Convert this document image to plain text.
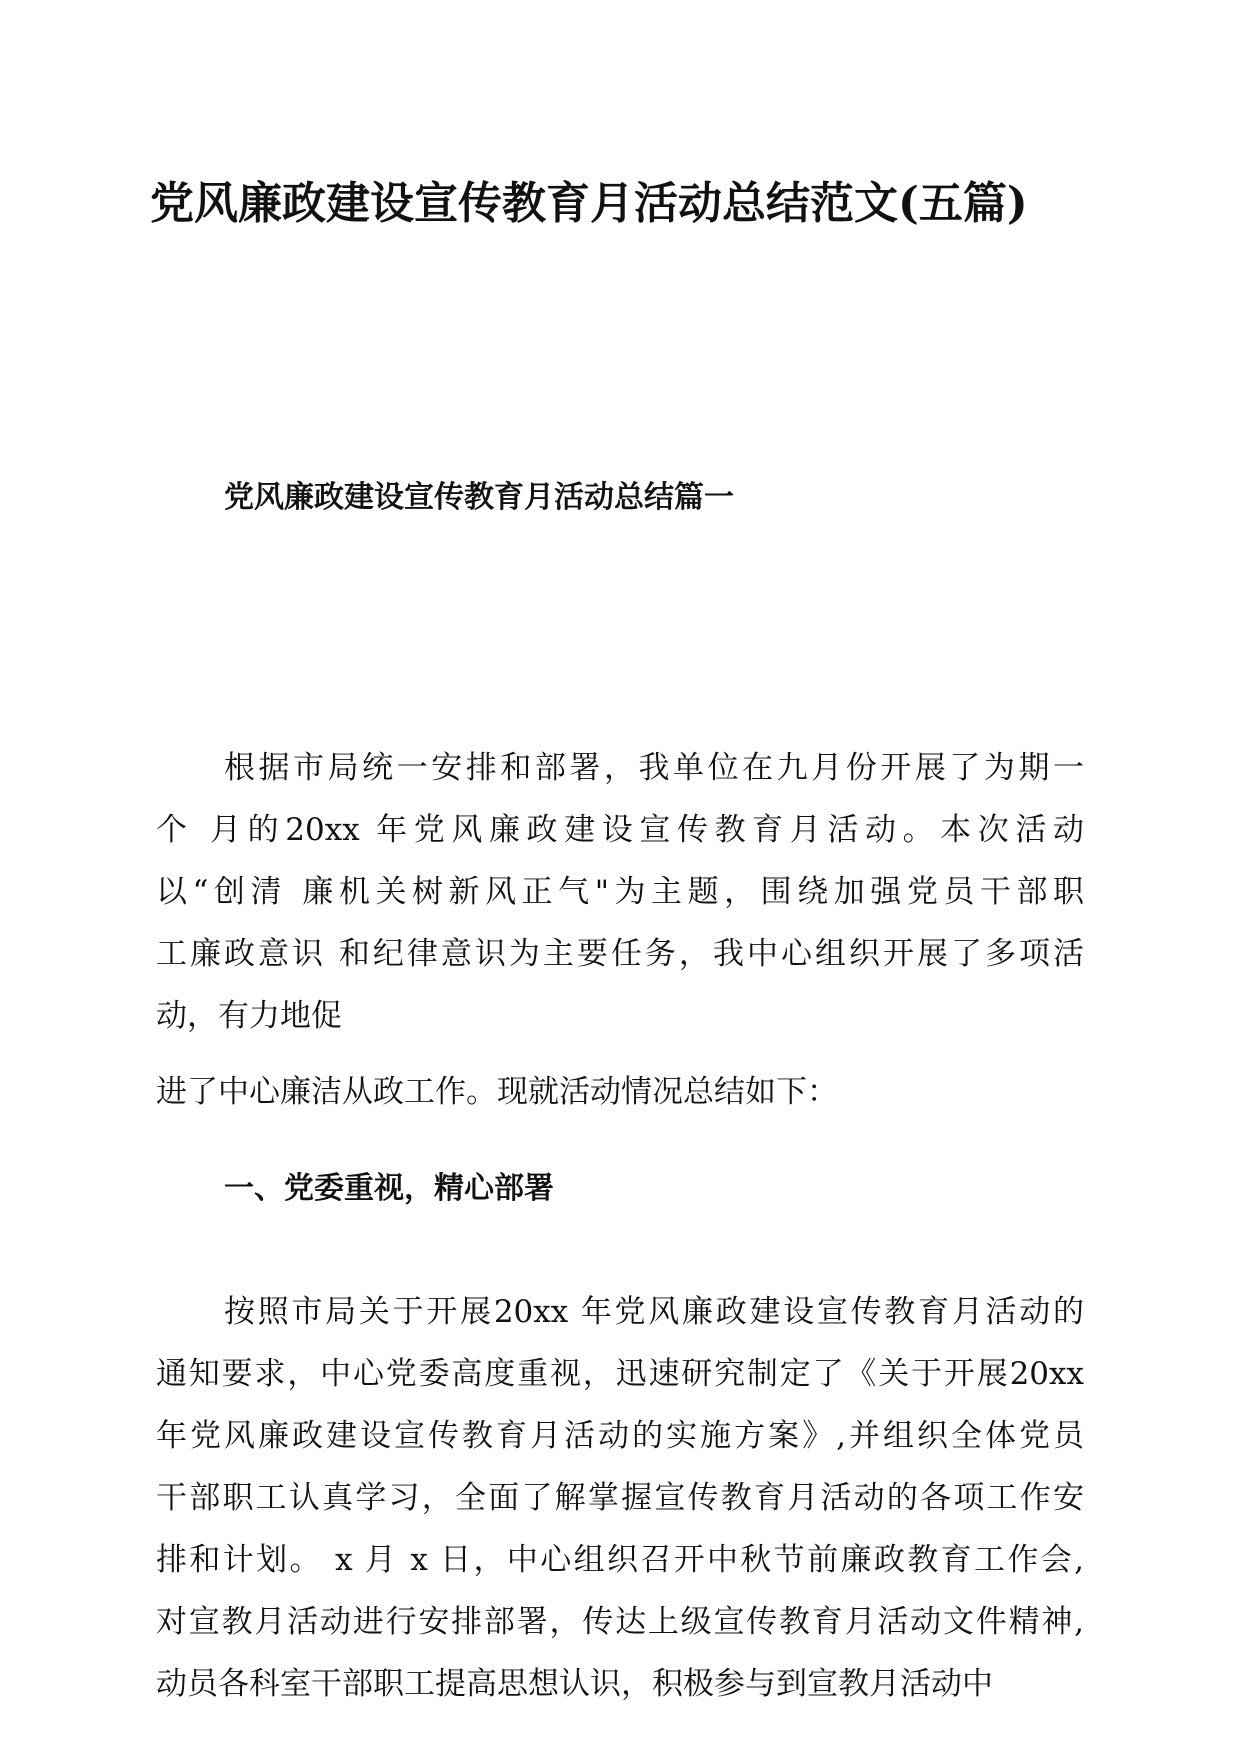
党风廉政建设宣传教育月活动总结范文(五篇)
党风廉政建设宣传教育月活动总结篇一

根据市局统一安排和部署，我单位在九月份开展了为期一

个 月的20xx 年党风廉政建设宣传教育月活动。本次活动

以“创清 廉机关树新风正气"为主题，围绕加强党员干部职

工廉政意识 和纪律意识为主要任务，我中心组织开展了多项活

动，有力地促

进了中心廉洁从政工作。现就活动情况总结如下：

一、党委重视，精心部署

按照市局关于开展20xx 年党风廉政建设宣传教育月活动的

通知要求，中心党委高度重视，迅速研究制定了《关于开展20xx

年党风廉政建设宣传教育月活动的实施方案》,并组织全体党员

干部职工认真学习，全面了解掌握宣传教育月活动的各项工作安

排和计划。 x 月 x 日，中心组织召开中秋节前廉政教育工作会,

对宣教月活动进行安排部署，传达上级宣传教育月活动文件精神,

动员各科室干部职工提高思想认识，积极参与到宣教月活动中
